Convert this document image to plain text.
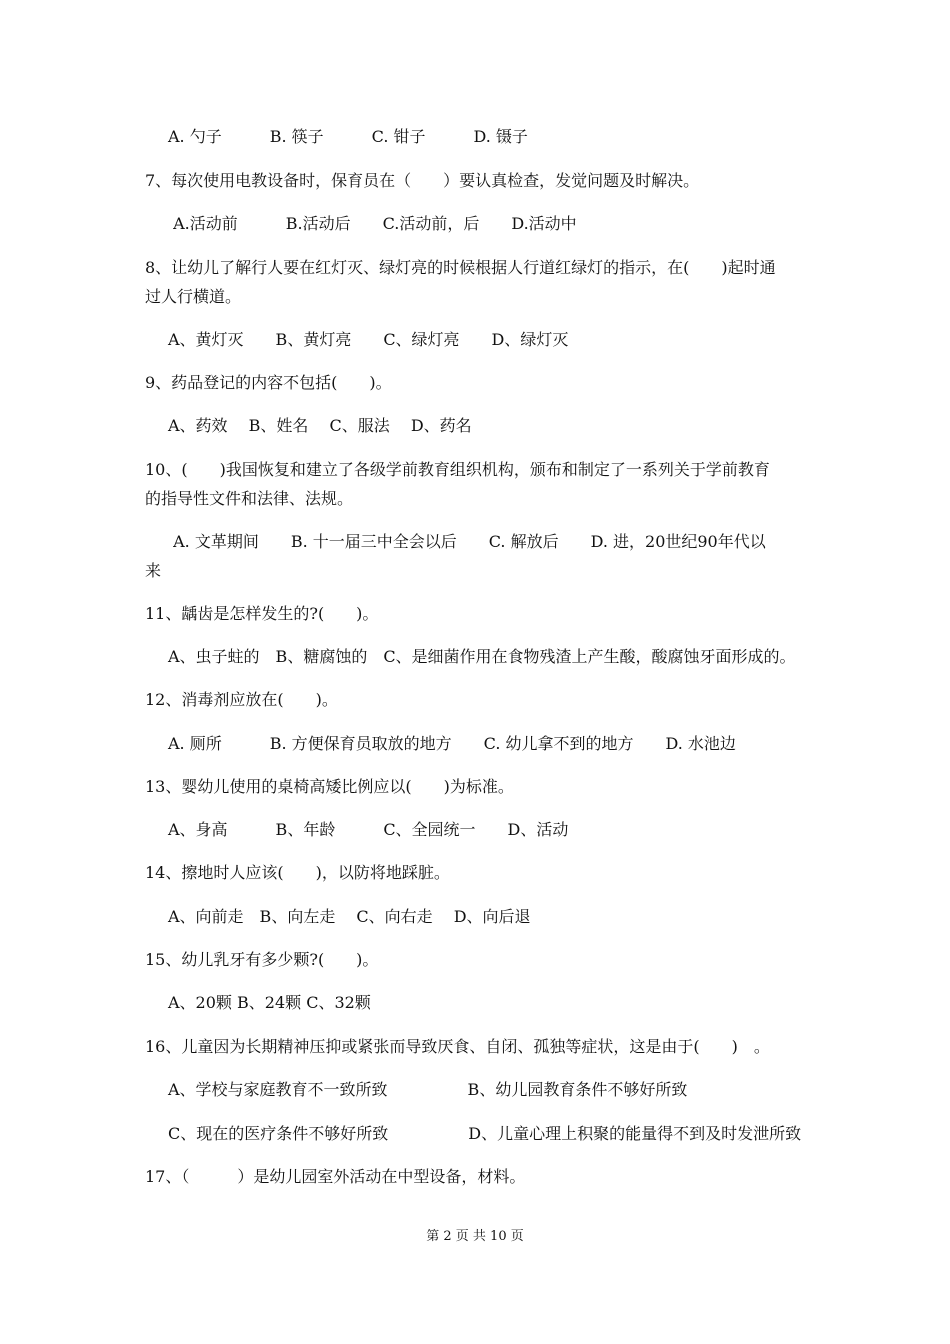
A. 勺子　　　B. 筷子　　　C. 钳子　　　D. 镊子
7、每次使用电教设备时，保育员在（　　）要认真检查，发觉问题及时解决。
A.活动前　　　B.活动后　　C.活动前，后　　D.活动中
8、让幼儿了解行人要在红灯灭、绿灯亮的时候根据人行道红绿灯的指示，在(　　)起时通
过人行横道。
A、黄灯灭　　B、黄灯亮　　C、绿灯亮　　D、绿灯灭
9、药品登记的内容不包括(　　)。
A、药效　 B、姓名　 C、服法　 D、药名
10、(　　)我国恢复和建立了各级学前教育组织机构，颁布和制定了一系列关于学前教育
的指导性文件和法律、法规。
A. 文革期间　　B. 十一届三中全会以后　　C. 解放后　　D. 进，20世纪90年代以
来
11、龋齿是怎样发生的?(　　)。
A、虫子蛀的　B、糖腐蚀的　C、是细菌作用在食物残渣上产生酸，酸腐蚀牙面形成的。
12、消毒剂应放在(　　)。
A. 厕所　　　B. 方便保育员取放的地方　　C. 幼儿拿不到的地方　　D. 水池边
13、婴幼儿使用的桌椅高矮比例应以(　　)为标准。
A、身高　　　B、年龄　　　C、全园统一　　D、活动
14、擦地时人应该(　　)，以防将地踩脏。
A、向前走　B、向左走　 C、向右走　 D、向后退
15、幼儿乳牙有多少颗?(　　)。
A、20颗 B、24颗 C、32颗
16、儿童因为长期精神压抑或紧张而导致厌食、自闭、孤独等症状，这是由于(　　)　。
A、学校与家庭教育不一致所致　　　　　B、幼儿园教育条件不够好所致
C、现在的医疗条件不够好所致　　　　　D、儿童心理上积聚的能量得不到及时发泄所致
17、（　　　）是幼儿园室外活动在中型设备，材料。
第 2 页 共 10 页
